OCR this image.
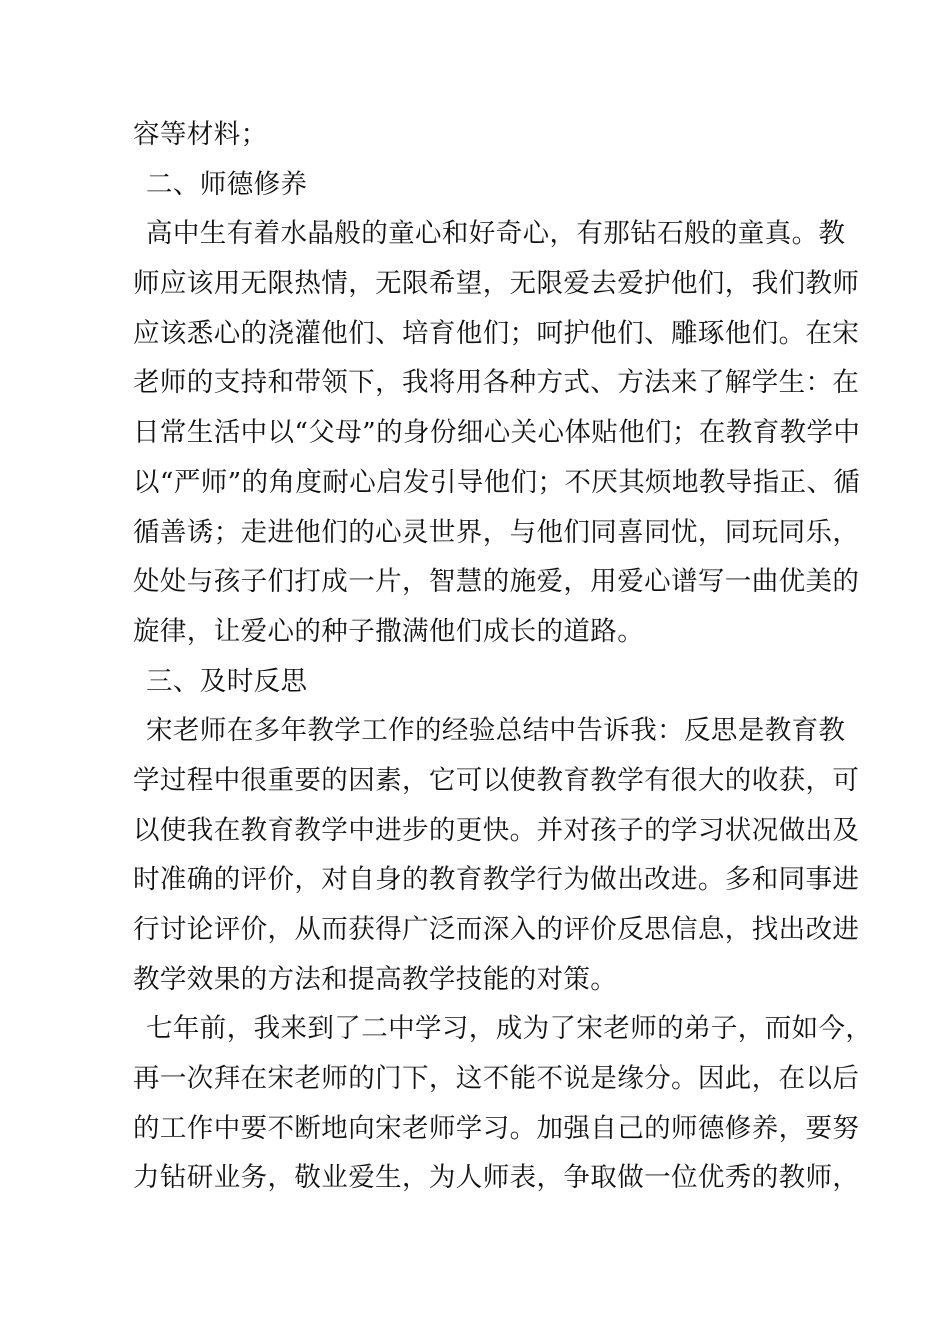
容等材料；
二、师德修养
高中生有着水晶般的童心和好奇心，有那钻石般的童真。教
师应该用无限热情，无限希望，无限爱去爱护他们，我们教师
应该悉心的浇灌他们、培育他们；呵护他们、雕琢他们。在宋
老师的支持和带领下，我将用各种方式、方法来了解学生：在
日常生活中以“父母”的身份细心关心体贴他们；在教育教学中
以“严师”的角度耐心启发引导他们；不厌其烦地教导指正、循
循善诱；走进他们的心灵世界，与他们同喜同忧，同玩同乐，
处处与孩子们打成一片，智慧的施爱，用爱心谱写一曲优美的
旋律，让爱心的种子撒满他们成长的道路。
三、及时反思
宋老师在多年教学工作的经验总结中告诉我：反思是教育教
学过程中很重要的因素，它可以使教育教学有很大的收获，可
以使我在教育教学中进步的更快。并对孩子的学习状况做出及
时准确的评价，对自身的教育教学行为做出改进。多和同事进
行讨论评价，从而获得广泛而深入的评价反思信息，找出改进
教学效果的方法和提高教学技能的对策。
七年前，我来到了二中学习，成为了宋老师的弟子，而如今，
再一次拜在宋老师的门下，这不能不说是缘分。因此，在以后
的工作中要不断地向宋老师学习。加强自己的师德修养，要努
力钻研业务，敬业爱生，为人师表，争取做一位优秀的教师，
